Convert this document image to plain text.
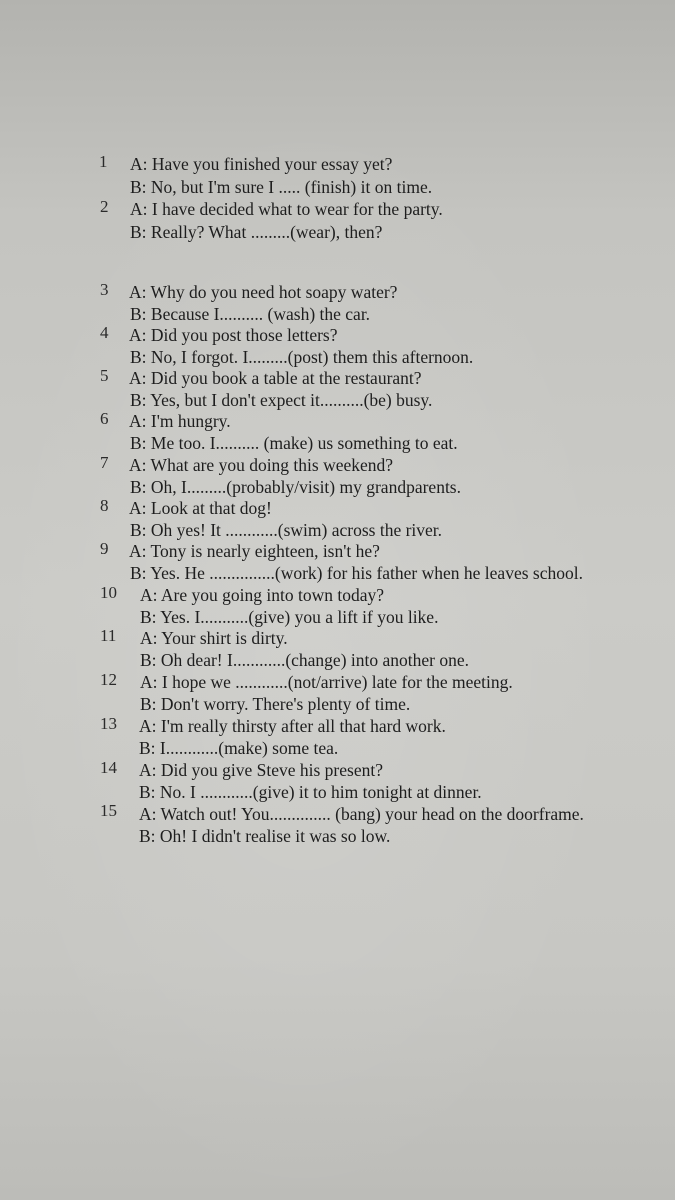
1 A: Have you finished your essay yet?
B: No, but I'm sure I ..... (finish) it on time.
2 A: I have decided what to wear for the party.
B: Really? What .........(wear), then?
3 A: Why do you need hot soapy water?
B: Because I.......... (wash) the car.
4 A: Did you post those letters?
B: No, I forgot. I.........(post) them this afternoon.
5 A: Did you book a table at the restaurant?
B: Yes, but I don't expect it..........(be) busy.
6 A: I'm hungry.
B: Me too. I.......... (make) us something to eat.
7 A: What are you doing this weekend?
B: Oh, I.........(probably/visit) my grandparents.
8 A: Look at that dog!
B: Oh yes! It ............(swim) across the river.
9 A: Tony is nearly eighteen, isn't he?
B: Yes. He ...............(work) for his father when he leaves school.
10 A: Are you going into town today?
B: Yes. I...........(give) you a lift if you like.
11 A: Your shirt is dirty.
B: Oh dear! I............(change) into another one.
12 A: I hope we ............(not/arrive) late for the meeting.
B: Don't worry. There's plenty of time.
13 A: I'm really thirsty after all that hard work.
B: I............(make) some tea.
14 A: Did you give Steve his present?
B: No. I ............(give) it to him tonight at dinner.
15 A: Watch out! You.............. (bang) your head on the doorframe.
B: Oh! I didn't realise it was so low.
